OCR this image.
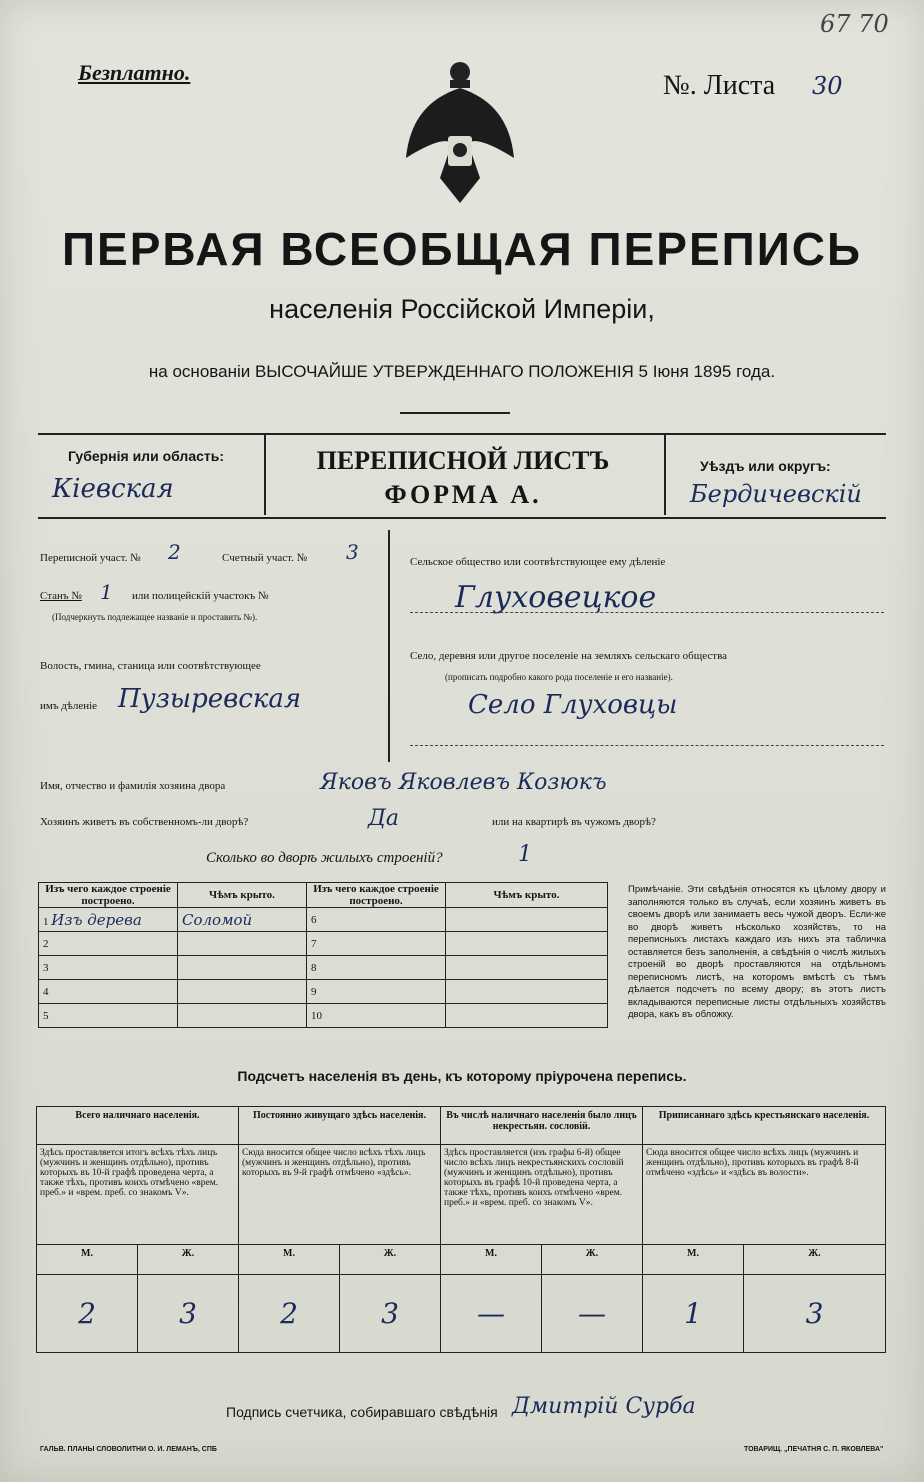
Безплатно.	№. Листа 30
67 70
ПЕРВАЯ ВСЕОБЩАЯ ПЕРЕПИСЬ
населенія Россійской Имперіи,
на основаніи ВЫСОЧАЙШЕ УТВЕРЖДЕННАГО ПОЛОЖЕНІЯ 5 Іюня 1895 года.
Губернія или область:
Кiевская
ПЕРЕПИСНОЙ ЛИСТЪ
ФОРМА А.
Уѣздъ или округъ:
Бердичевскiй
Переписной участ. № 2	Счетный участ. № 3
Станъ № 1 или полицейскій участокъ №
(Подчеркнуть подлежащее названіе и проставить №).
Волость, гмина, станица или соотвѣтствующее
имъ дѣленіе Пузыревская
Сельское общество или соотвѣтствующее ему дѣленіе
Глуховецкое
Село, деревня или другое поселеніе на земляхъ сельскаго общества
(прописать подробно какого рода поселеніе и его названіе).
Село Глуховцы
Имя, отчество и фамилія хозяина двора	Яковъ Яковлевъ Козюкъ
Хозяинъ живетъ въ собственномъ-ли дворѣ?	Да	или на квартирѣ въ чужомъ дворѣ?
Сколько во дворѣ жилыхъ строеній?	1
Изъ чего каждое строеніе построено.	Чѣмъ крыто.	Изъ чего каждое строеніе построено.	Чѣмъ крыто.
1 Изъ дерева	Соломой	6	
2		7	
3		8	
4		9	
5		10	
Примѣчаніе. Эти свѣдѣнія относятся къ цѣлому двору и заполняются только въ случаѣ, если хозяинъ живетъ въ своемъ дворѣ или занимаетъ весь чужой дворъ. Если-же во дворѣ живетъ нѣсколько хозяйствъ, то на переписныхъ листахъ каждаго изъ нихъ эта табличка оставляется безъ заполненія, а свѣдѣнія о числѣ жилыхъ строеній во дворѣ проставляются на отдѣльномъ переписномъ листѣ, на которомъ вмѣстѣ съ тѣмъ дѣлается подсчетъ по всему двору; въ этотъ листъ вкладываются переписные листы отдѣльныхъ хозяйствъ двора, какъ въ обложку.
Подсчетъ населенія въ день, къ которому пріурочена перепись.
Всего наличнаго населенія.		Постоянно живущаго здѣсь населенія.		Въ числѣ наличнаго населенія было лицъ некрестьян. сословій.		Приписаннаго здѣсь крестьянскаго населенія.	
Здѣсь проставляется итогъ всѣхъ тѣхъ лицъ (мужчинъ и женщинъ отдѣльно), противъ которыхъ въ 10-й графѣ проведена черта, а также тѣхъ, противъ коихъ отмѣчено «врем. преб.» и «врем. преб. со знакомъ V».		Сюда вносится общее число всѣхъ тѣхъ лицъ (мужчинъ и женщинъ отдѣльно), противъ которыхъ въ 9-й графѣ отмѣчено «здѣсь».		Здѣсь проставляется (изъ графы 6-й) общее число всѣхъ лицъ некрестьянскихъ сословій (мужчинъ и женщинъ отдѣльно), противъ которыхъ въ графѣ 10-й проведена черта, а также тѣхъ, противъ коихъ отмѣчено «врем. преб.» и «врем. преб. со знакомъ V».		Сюда вносится общее число всѣхъ лицъ (мужчинъ и женщинъ отдѣльно), противъ которыхъ въ графѣ 8-й отмѣчено «здѣсь» и «здѣсь въ волости».	
М.	Ж.	М.	Ж.	М.	Ж.	М.	Ж.
2	3	2	3	—	—	1	3
Подпись счетчика, собиравшаго свѣдѣнія Дмитрiй Сурба
ГАЛЬВ. ПЛАНЫ СЛОВОЛИТНИ О. И. ЛЕМАНЪ, СПБ	ТОВАРИЩ. „ПЕЧАТНЯ С. П. ЯКОВЛЕВА"
